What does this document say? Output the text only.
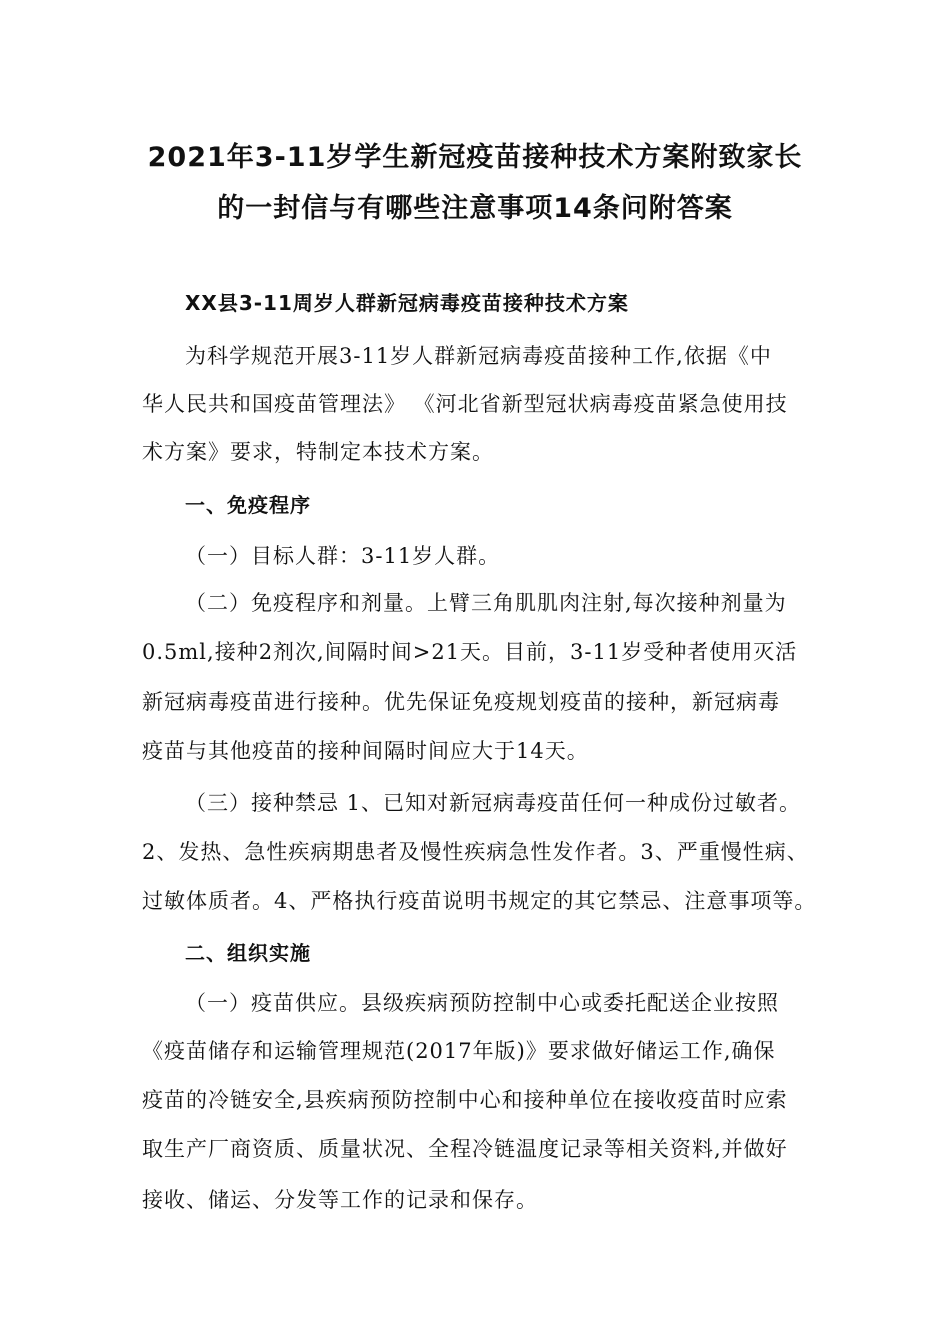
2021年3-11岁学生新冠疫苗接种技术方案附致家长
的一封信与有哪些注意事项14条问附答案
XX县3-11周岁人群新冠病毒疫苗接种技术方案
为科学规范开展3-11岁人群新冠病毒疫苗接种工作,依据《中
华人民共和国疫苗管理法》 《河北省新型冠状病毒疫苗紧急使用技
术方案》要求，特制定本技术方案。
一、免疫程序
（一）目标人群：3-11岁人群。
（二）免疫程序和剂量。上臂三角肌肌肉注射,每次接种剂量为
0.5ml,接种2剂次,间隔时间>21天。目前，3-11岁受种者使用灭活
新冠病毒疫苗进行接种。优先保证免疫规划疫苗的接种，新冠病毒
疫苗与其他疫苗的接种间隔时间应大于14天。
（三）接种禁忌 1、已知对新冠病毒疫苗任何一种成份过敏者。
2、发热、急性疾病期患者及慢性疾病急性发作者。3、严重慢性病、
过敏体质者。4、严格执行疫苗说明书规定的其它禁忌、注意事项等。
二、组织实施
（一）疫苗供应。县级疾病预防控制中心或委托配送企业按照
《疫苗储存和运输管理规范(2017年版)》要求做好储运工作,确保
疫苗的冷链安全,县疾病预防控制中心和接种单位在接收疫苗时应索
取生产厂商资质、质量状况、全程冷链温度记录等相关资料,并做好
接收、储运、分发等工作的记录和保存。
